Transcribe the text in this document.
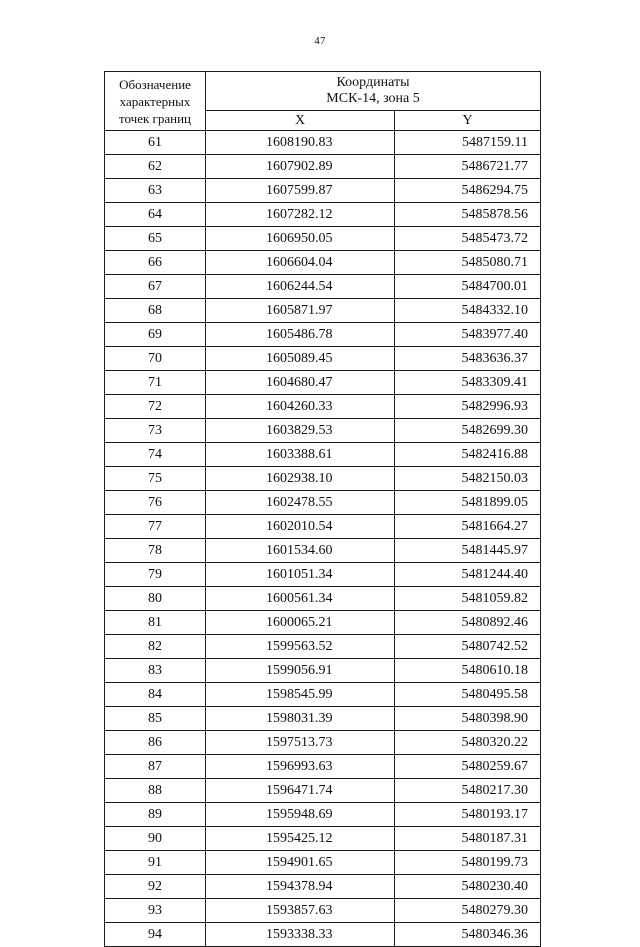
47
Обозначение
характерных
точек границ	Координаты
МСК-14, зона 5	

	X	Y
61	1608190.83	5487159.11
62	1607902.89	5486721.77
63	1607599.87	5486294.75
64	1607282.12	5485878.56
65	1606950.05	5485473.72
66	1606604.04	5485080.71
67	1606244.54	5484700.01
68	1605871.97	5484332.10
69	1605486.78	5483977.40
70	1605089.45	5483636.37
71	1604680.47	5483309.41
72	1604260.33	5482996.93
73	1603829.53	5482699.30
74	1603388.61	5482416.88
75	1602938.10	5482150.03
76	1602478.55	5481899.05
77	1602010.54	5481664.27
78	1601534.60	5481445.97
79	1601051.34	5481244.40
80	1600561.34	5481059.82
81	1600065.21	5480892.46
82	1599563.52	5480742.52
83	1599056.91	5480610.18
84	1598545.99	5480495.58
85	1598031.39	5480398.90
86	1597513.73	5480320.22
87	1596993.63	5480259.67
88	1596471.74	5480217.30
89	1595948.69	5480193.17
90	1595425.12	5480187.31
91	1594901.65	5480199.73
92	1594378.94	5480230.40
93	1593857.63	5480279.30
94	1593338.33	5480346.36
